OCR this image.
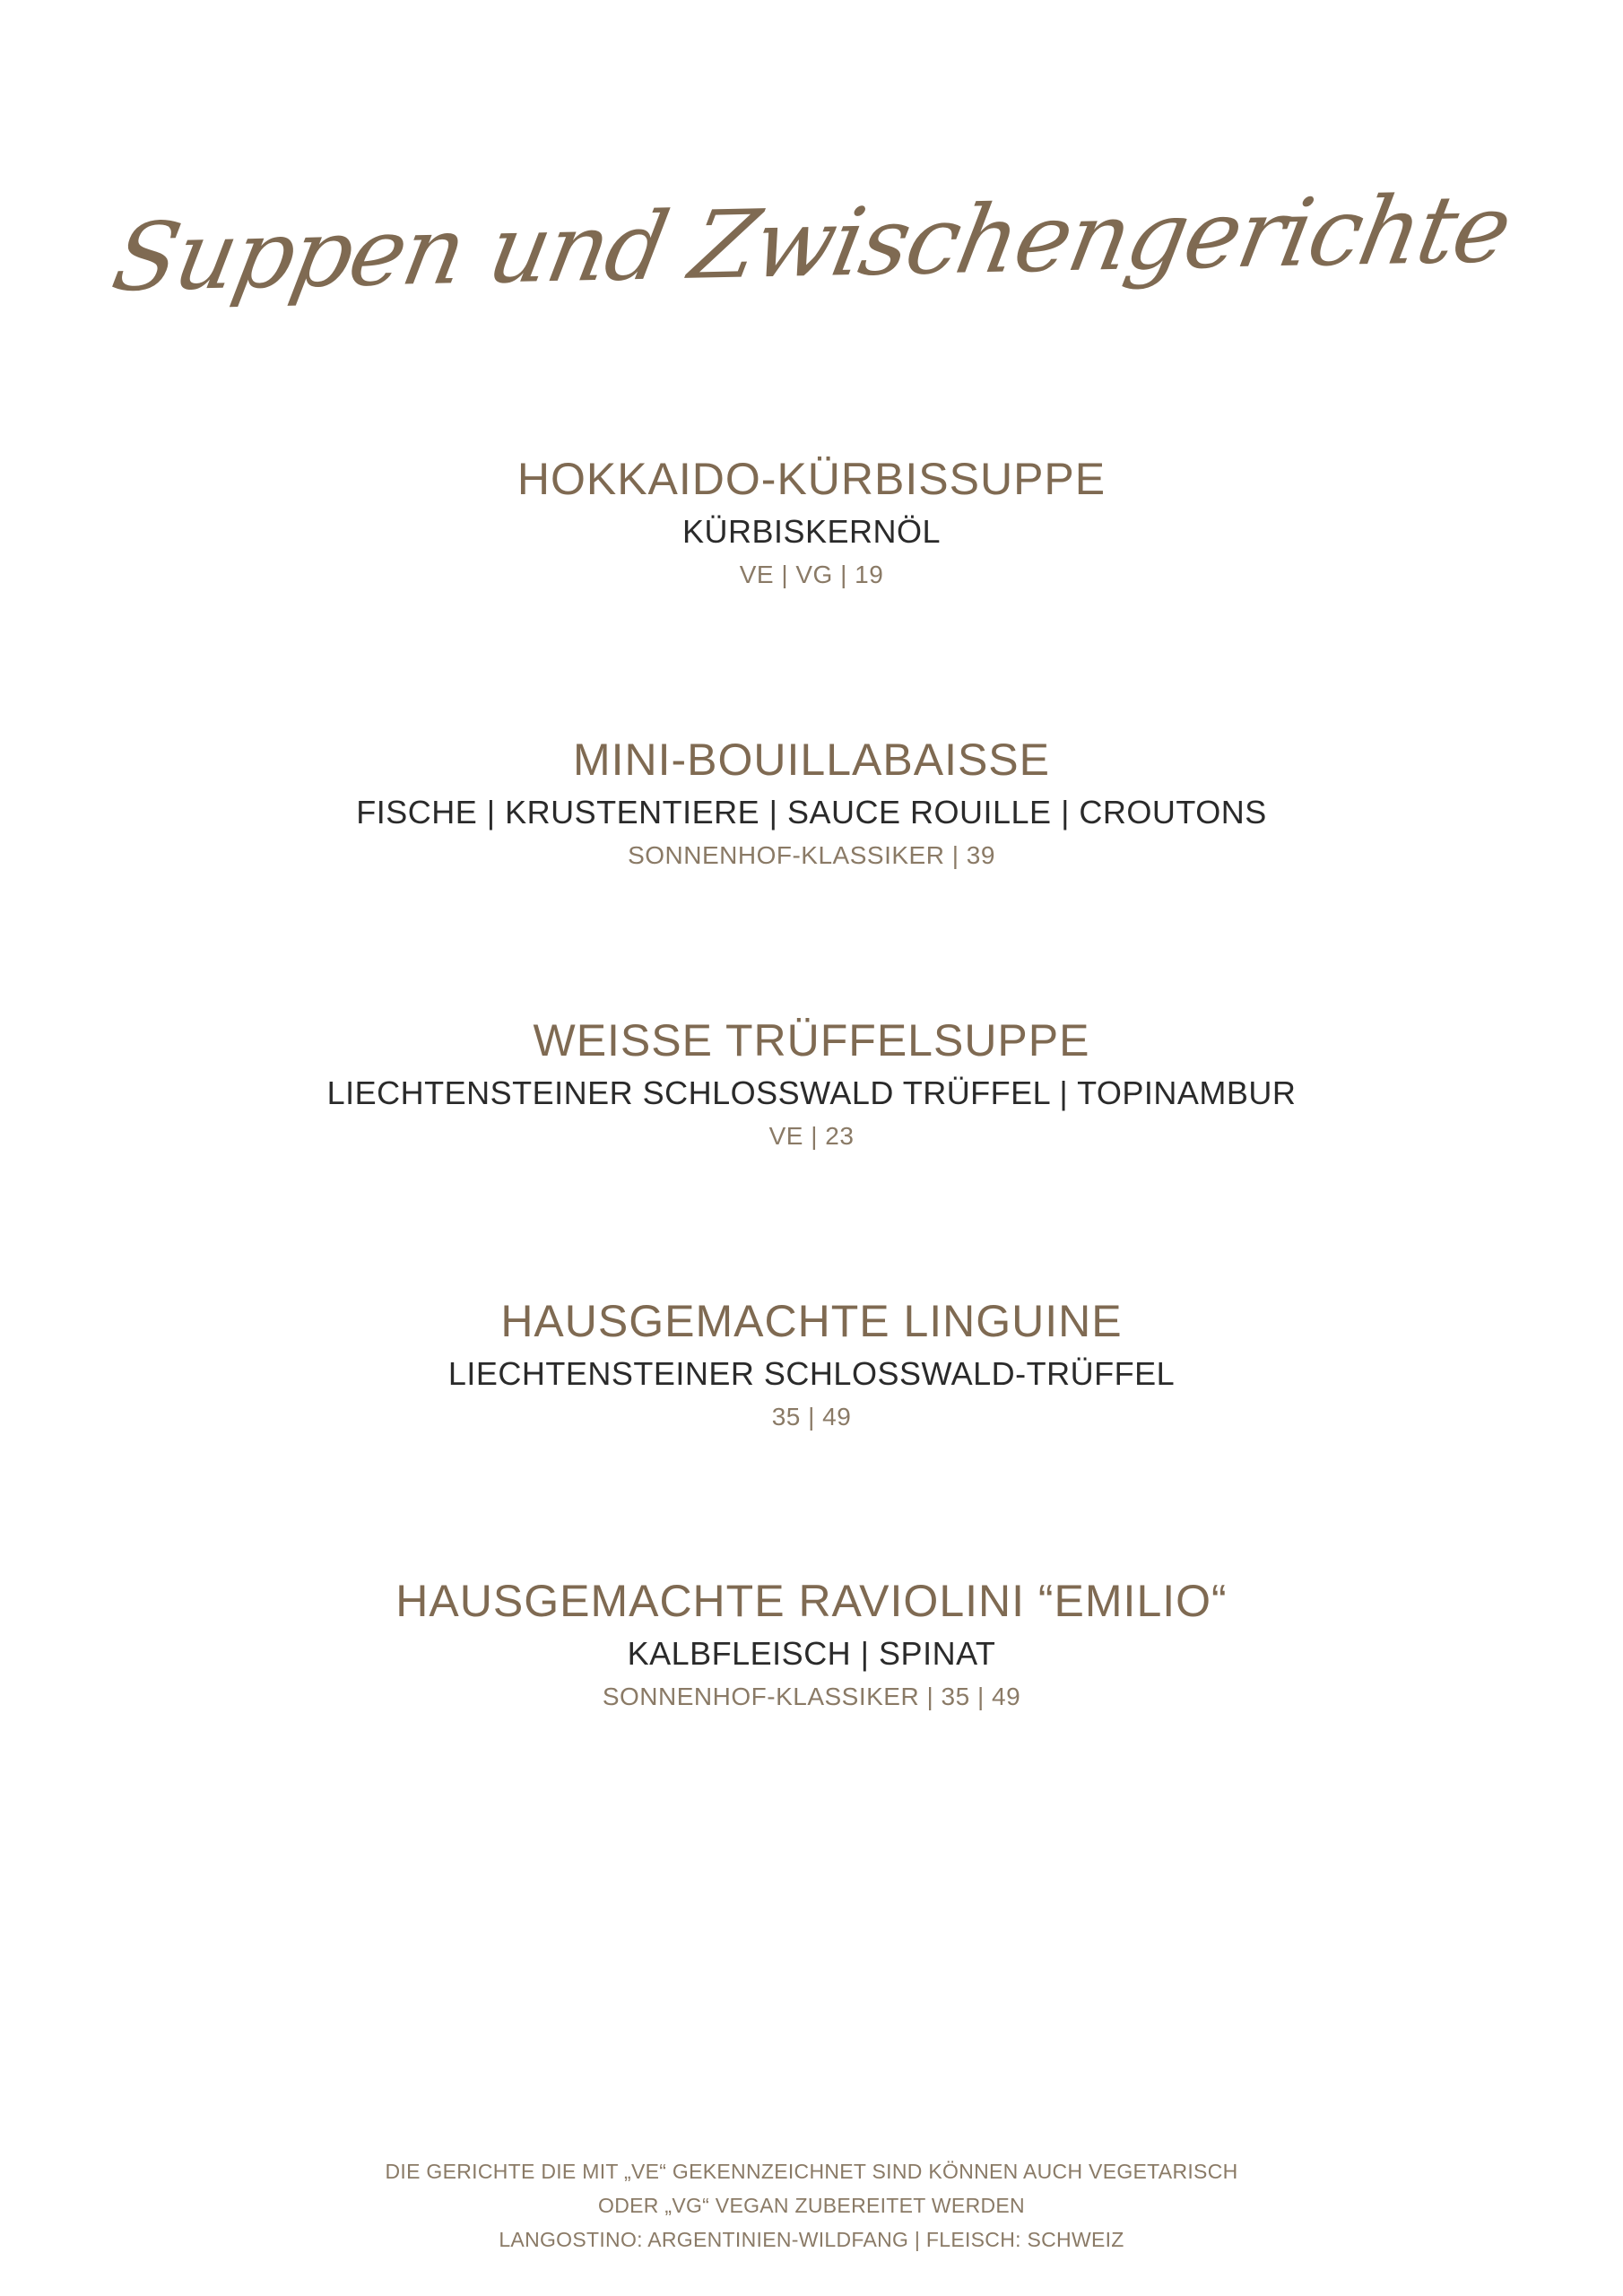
Suppen und Zwischengerichte
HOKKAIDO-KÜRBISSUPPE
KÜRBISKERNÖL
VE | VG | 19
MINI-BOUILLABAISSE
FISCHE | KRUSTENTIERE | SAUCE ROUILLE | CROUTONS
SONNENHOF-KLASSIKER | 39
WEISSE TRÜFFELSUPPE
LIECHTENSTEINER SCHLOSSWALD TRÜFFEL | TOPINAMBUR
VE | 23
HAUSGEMACHTE LINGUINE
LIECHTENSTEINER SCHLOSSWALD-TRÜFFEL
35 | 49
HAUSGEMACHTE RAVIOLINI “EMILIO“
KALBFLEISCH | SPINAT
SONNENHOF-KLASSIKER | 35 | 49
DIE GERICHTE DIE MIT „VE“ GEKENNZEICHNET SIND KÖNNEN AUCH VEGETARISCH
ODER „VG“ VEGAN ZUBEREITET WERDEN
LANGOSTINO: ARGENTINIEN-WILDFANG | FLEISCH: SCHWEIZ
